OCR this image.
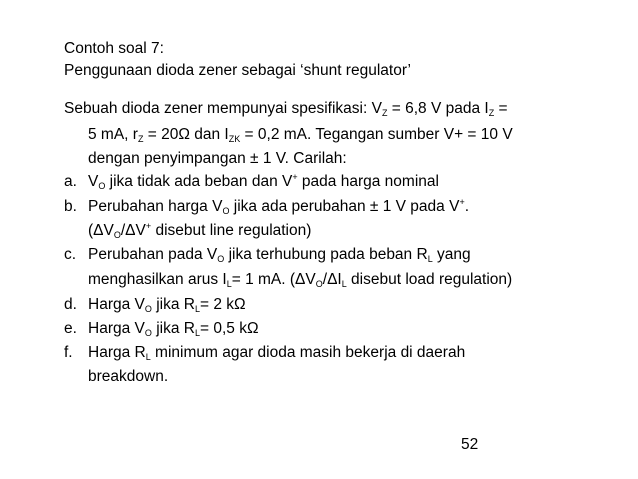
Contoh soal 7:
Penggunaan dioda zener sebagai ‘shunt regulator’
Sebuah dioda zener mempunyai spesifikasi: VZ = 6,8 V pada IZ =
5 mA, rZ = 20Ω dan IZK = 0,2 mA. Tegangan sumber V+ = 10 V
dengan penyimpangan ± 1 V. Carilah:
a. VO jika tidak ada beban dan V+ pada harga nominal
b. Perubahan harga VO jika ada perubahan ± 1 V pada V+.
(ΔVO/ΔV+ disebut line regulation)
c. Perubahan pada VO jika terhubung pada beban RL yang
menghasilkan arus IL= 1 mA. (ΔVO/ΔIL disebut load regulation)
d. Harga VO jika RL= 2 kΩ
e. Harga VO jika RL= 0,5 kΩ
f. Harga RL minimum agar dioda masih bekerja di daerah
breakdown.
52
